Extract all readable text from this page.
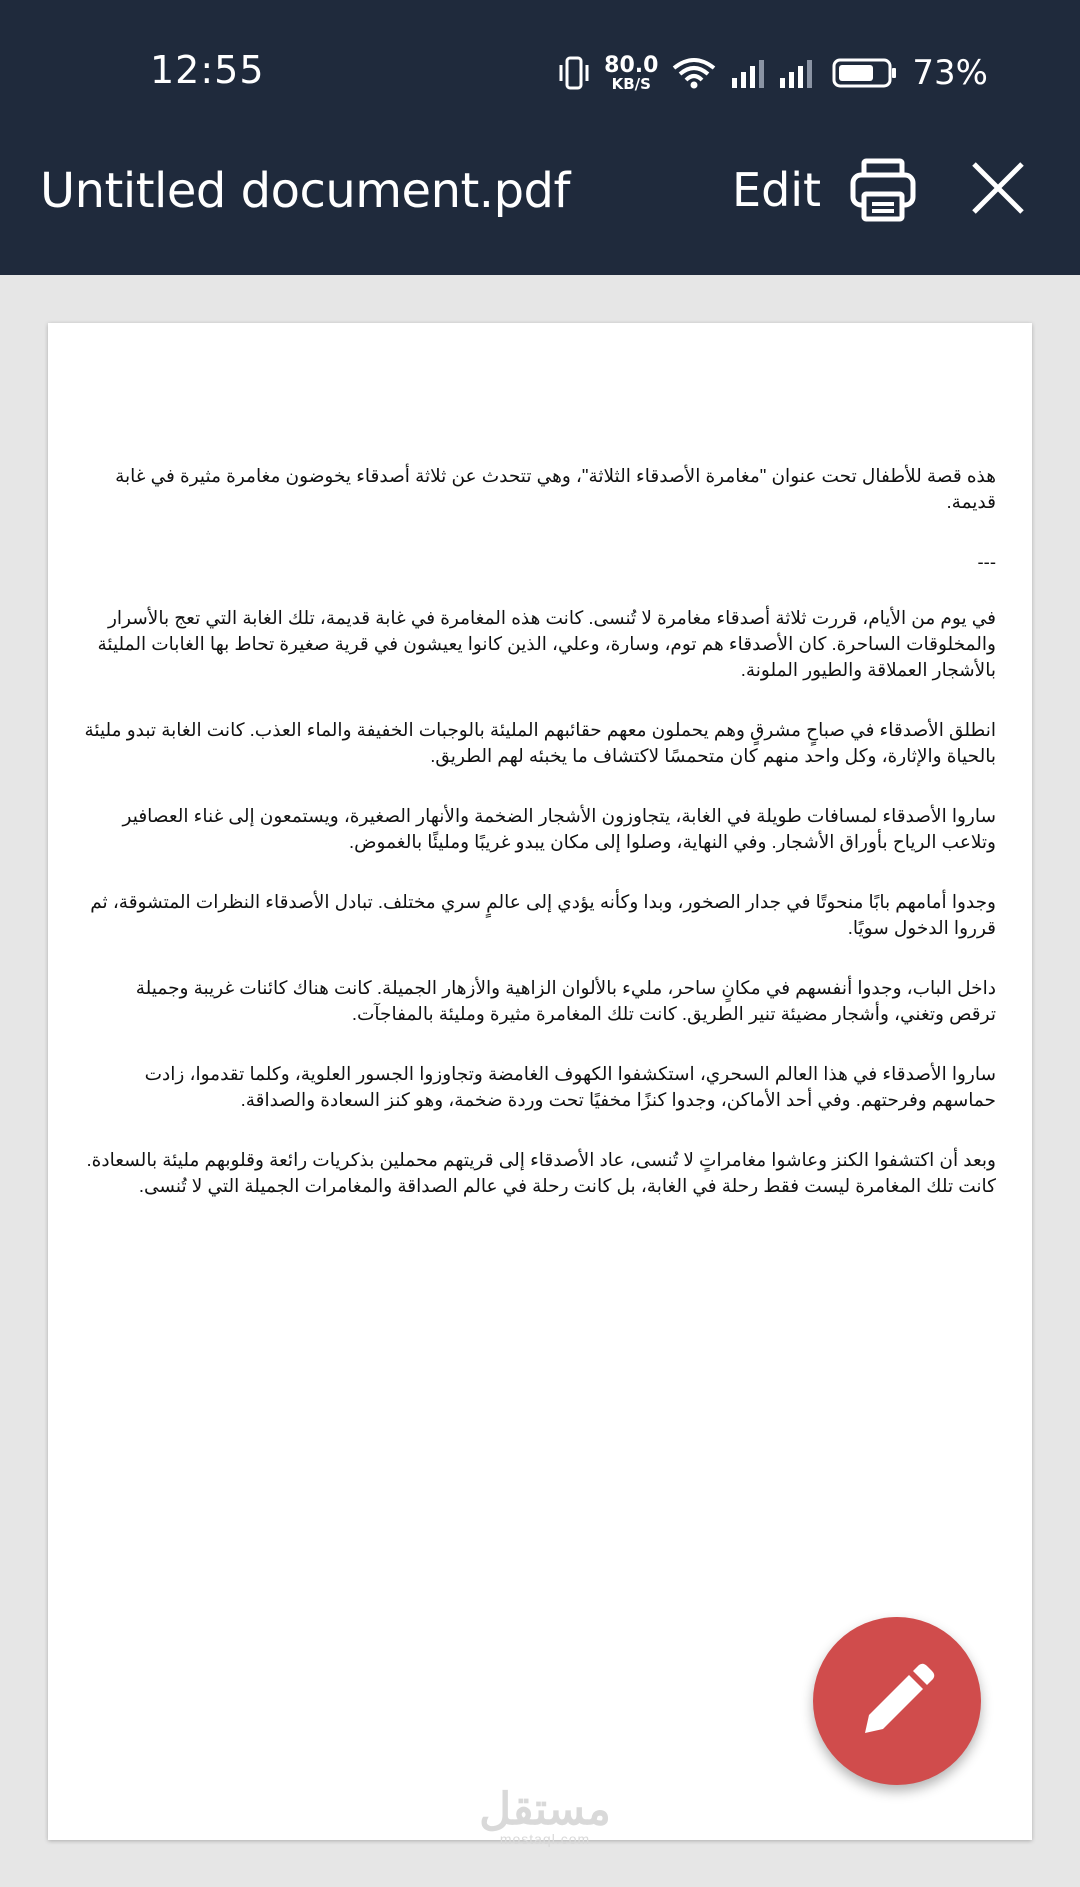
12:55	80.0
KB/S	73%
Untitled document.pdf	Edit

هذه قصة للأطفال تحت عنوان "مغامرة الأصدقاء الثلاثة"، وهي تتحدث عن ثلاثة أصدقاء يخوضون مغامرة مثيرة في غابة قديمة.

---

في يوم من الأيام، قررت ثلاثة أصدقاء مغامرة لا تُنسى. كانت هذه المغامرة في غابة قديمة، تلك الغابة التي تعج بالأسرار والمخلوقات الساحرة. كان الأصدقاء هم توم، وسارة، وعلي، الذين كانوا يعيشون في قرية صغيرة تحاط بها الغابات المليئة بالأشجار العملاقة والطيور الملونة.

انطلق الأصدقاء في صباحٍ مشرقٍ وهم يحملون معهم حقائبهم المليئة بالوجبات الخفيفة والماء العذب. كانت الغابة تبدو مليئة بالحياة والإثارة، وكل واحد منهم كان متحمسًا لاكتشاف ما يخبئه لهم الطريق.

ساروا الأصدقاء لمسافات طويلة في الغابة، يتجاوزون الأشجار الضخمة والأنهار الصغيرة، ويستمعون إلى غناء العصافير وتلاعب الرياح بأوراق الأشجار. وفي النهاية، وصلوا إلى مكان يبدو غريبًا ومليئًا بالغموض.

وجدوا أمامهم بابًا منحوتًا في جدار الصخور، وبدا وكأنه يؤدي إلى عالمٍ سري مختلف. تبادل الأصدقاء النظرات المتشوقة، ثم قرروا الدخول سويًا.

داخل الباب، وجدوا أنفسهم في مكانٍ ساحر، مليء بالألوان الزاهية والأزهار الجميلة. كانت هناك كائنات غريبة وجميلة ترقص وتغني، وأشجار مضيئة تنير الطريق. كانت تلك المغامرة مثيرة ومليئة بالمفاجآت.

ساروا الأصدقاء في هذا العالم السحري، استكشفوا الكهوف الغامضة وتجاوزوا الجسور العلوية، وكلما تقدموا، زادت حماسهم وفرحتهم. وفي أحد الأماكن، وجدوا كنزًا مخفيًا تحت وردة ضخمة، وهو كنز السعادة والصداقة.

وبعد أن اكتشفوا الكنز وعاشوا مغامراتٍ لا تُنسى، عاد الأصدقاء إلى قريتهم محملين بذكريات رائعة وقلوبهم مليئة بالسعادة. كانت تلك المغامرة ليست فقط رحلة في الغابة، بل كانت رحلة في عالم الصداقة والمغامرات الجميلة التي لا تُنسى.

مستقل
mostaql.com
